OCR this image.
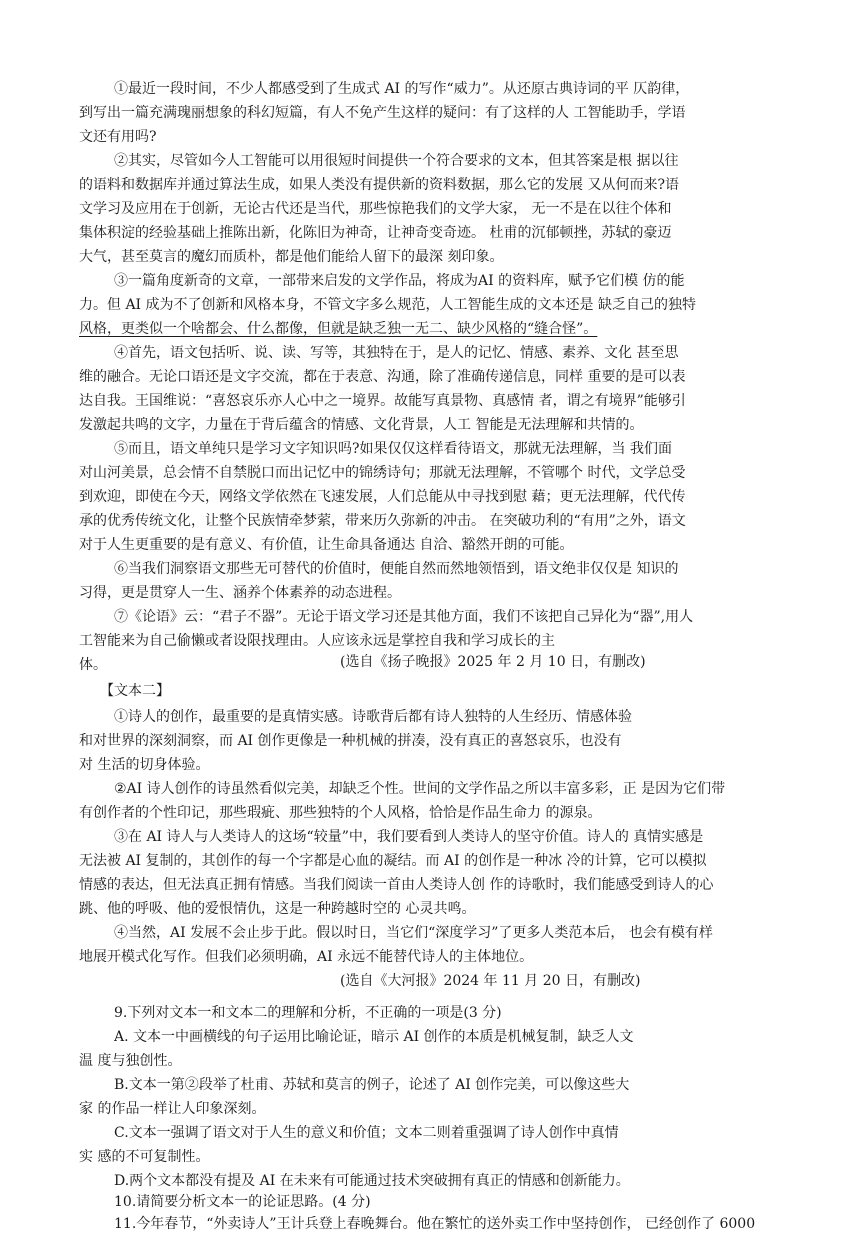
①最近一段时间，不少人都感受到了生成式 AI 的写作“威力”。从还原古典诗词的平 仄韵律，
到写出一篇充满瑰丽想象的科幻短篇，有人不免产生这样的疑问：有了这样的人 工智能助手，学语
文还有用吗?
②其实，尽管如今人工智能可以用很短时间提供一个符合要求的文本，但其答案是根 据以往
的语料和数据库并通过算法生成，如果人类没有提供新的资料数据，那么它的发展 又从何而来?语
文学习及应用在于创新，无论古代还是当代，那些惊艳我们的文学大家， 无一不是在以往个体和
集体积淀的经验基础上推陈出新，化陈旧为神奇，让神奇变奇迹。 杜甫的沉郁顿挫，苏轼的豪迈
大气，甚至莫言的魔幻而质朴，都是他们能给人留下的最深 刻印象。
③一篇角度新奇的文章，一部带来启发的文学作品，将成为AI 的资料库，赋予它们模 仿的能
力。但 AI 成为不了创新和风格本身，不管文字多么规范，人工智能生成的文本还是 缺乏自己的独特
风格，更类似一个啥都会、什么都像，但就是缺乏独一无二、缺少风格的“缝合怪”。
④首先，语文包括听、说、读、写等，其独特在于，是人的记忆、情感、素养、文化 甚至思
维的融合。无论口语还是文字交流，都在于表意、沟通，除了准确传递信息，同样 重要的是可以表
达自我。王国维说：“喜怒哀乐亦人心中之一境界。故能写真景物、真感情 者，谓之有境界”能够引
发激起共鸣的文字，力量在于背后蕴含的情感、文化背景，人工 智能是无法理解和共情的。
⑤而且，语文单纯只是学习文字知识吗?如果仅仅这样看待语文，那就无法理解，当 我们面
对山河美景，总会情不自禁脱口而出记忆中的锦绣诗句；那就无法理解，不管哪个 时代，文学总受
到欢迎，即使在今天，网络文学依然在飞速发展，人们总能从中寻找到慰 藉；更无法理解，代代传
承的优秀传统文化，让整个民族情牵梦萦，带来历久弥新的冲击。 在突破功利的“有用”之外，语文
对于人生更重要的是有意义、有价值，让生命具备通达 自洽、豁然开朗的可能。
⑥当我们洞察语文那些无可替代的价值时，便能自然而然地领悟到，语文绝非仅仅是 知识的
习得，更是贯穿人一生、涵养个体素养的动态进程。
⑦《论语》云：“君子不器”。无论于语文学习还是其他方面，我们不该把自己异化为“器”,用人
工智能来为自己偷懒或者设限找理由。人应该永远是掌控自我和学习成长的主
体。	(选自《扬子晚报》2025 年 2 月 10 日，有删改)
【文本二】
①诗人的创作，最重要的是真情实感。诗歌背后都有诗人独特的人生经历、情感体验
和对世界的深刻洞察，而 AI 创作更像是一种机械的拼凑，没有真正的喜怒哀乐，也没有
对 生活的切身体验。
②AI 诗人创作的诗虽然看似完美，却缺乏个性。世间的文学作品之所以丰富多彩，正 是因为它们带
有创作者的个性印记，那些瑕疵、那些独特的个人风格，恰恰是作品生命力 的源泉。
③在 AI 诗人与人类诗人的这场“较量”中，我们要看到人类诗人的坚守价值。诗人的 真情实感是
无法被 AI 复制的，其创作的每一个字都是心血的凝结。而 AI 的创作是一种冰 冷的计算，它可以模拟
情感的表达，但无法真正拥有情感。当我们阅读一首由人类诗人创 作的诗歌时，我们能感受到诗人的心
跳、他的呼吸、他的爱恨情仇，这是一种跨越时空的 心灵共鸣。
④当然，AI 发展不会止步于此。假以时日，当它们“深度学习”了更多人类范本后， 也会有模有样
地展开模式化写作。但我们必须明确，AI 永远不能替代诗人的主体地位。
(选自《大河报》2024 年 11 月 20 日，有删改)
9.下列对文本一和文本二的理解和分析，不正确的一项是(3 分)
A. 文本一中画横线的句子运用比喻论证，暗示 AI 创作的本质是机械复制，缺乏人文
温 度与独创性。
B.文本一第②段举了杜甫、苏轼和莫言的例子，论述了 AI 创作完美，可以像这些大
家 的作品一样让人印象深刻。
C.文本一强调了语文对于人生的意义和价值；文本二则着重强调了诗人创作中真情
实 感的不可复制性。
D.两个文本都没有提及 AI 在未来有可能通过技术突破拥有真正的情感和创新能力。
10.请简要分析文本一的论证思路。(4 分)
11.今年春节，“外卖诗人”王计兵登上春晚舞台。他在繁忙的送外卖工作中坚持创作， 已经创作了 6000
